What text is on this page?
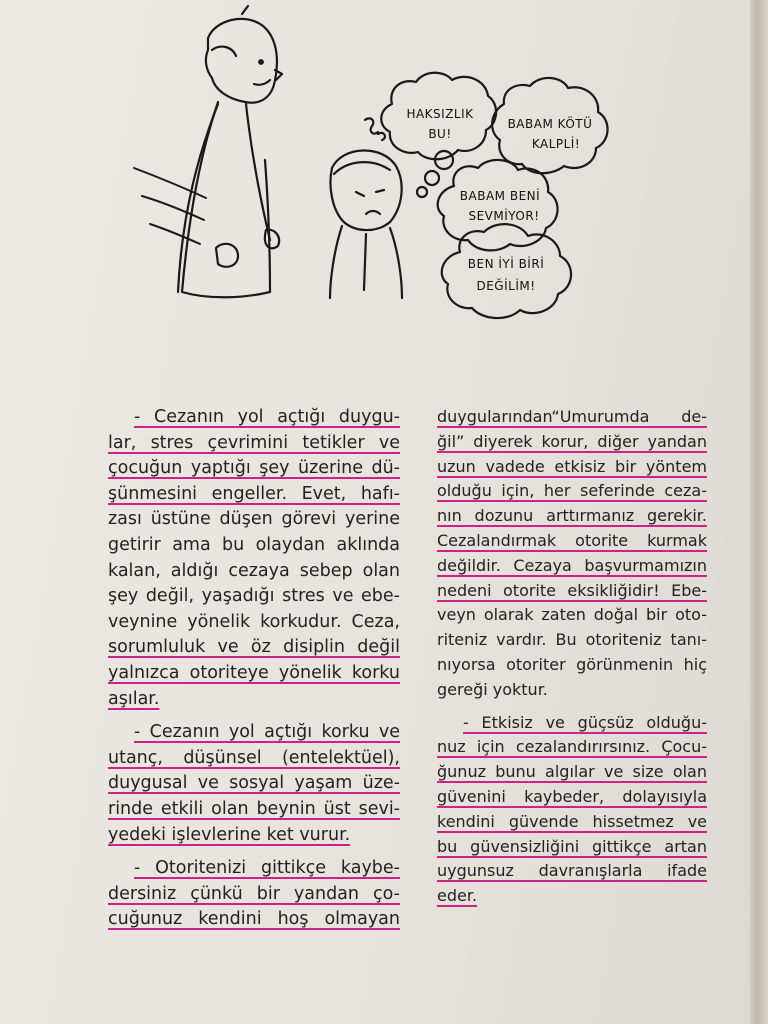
HAKSIZLIK
BU!
BABAM KÖTÜ
KALPLİ!
BABAM BENİ
SEVMİYOR!
BEN İYİ BİRİ
DEĞİLİM!
- Cezanın yol açtığı duygu-
lar, stres çevrimini tetikler ve
çocuğun yaptığı şey üzerine dü-
şünmesini engeller. Evet, hafı-
zası üstüne düşen görevi yerine
getirir ama bu olaydan aklında
kalan, aldığı cezaya sebep olan
şey değil, yaşadığı stres ve ebe-
veynine yönelik korkudur. Ceza,
sorumluluk ve öz disiplin değil
yalnızca otoriteye yönelik korku
aşılar.
- Cezanın yol açtığı korku ve
utanç, düşünsel (entelektüel),
duygusal ve sosyal yaşam üze-
rinde etkili olan beynin üst sevi-
yedeki işlevlerine ket vurur.
- Otoritenizi gittikçe kaybe-
dersiniz çünkü bir yandan ço-
cuğunuz kendini hoş olmayan
duygularından“Umurumda de-
ğil” diyerek korur, diğer yandan
uzun vadede etkisiz bir yöntem
olduğu için, her seferinde ceza-
nın dozunu arttırmanız gerekir.
Cezalandırmak otorite kurmak
değildir. Cezaya başvurmamızın
nedeni otorite eksikliğidir! Ebe-
veyn olarak zaten doğal bir oto-
riteniz vardır. Bu otoriteniz tanı-
nıyorsa otoriter görünmenin hiç
gereği yoktur.
- Etkisiz ve güçsüz olduğu-
nuz için cezalandırırsınız. Çocu-
ğunuz bunu algılar ve size olan
güvenini kaybeder, dolayısıyla
kendini güvende hissetmez ve
bu güvensizliğini gittikçe artan
uygunsuz davranışlarla ifade
eder.
